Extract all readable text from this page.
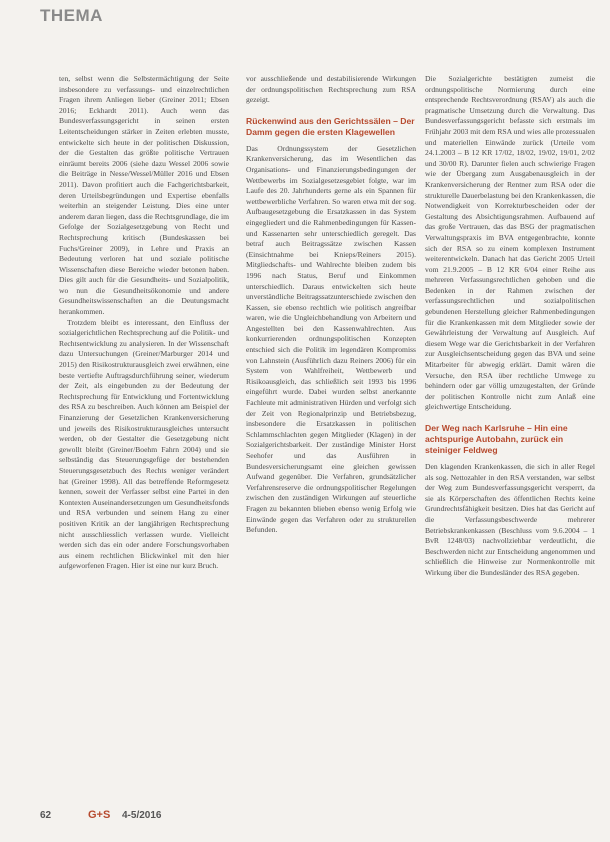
THEMA

ten, selbst wenn die Selbstermächtigung der Seite insbesondere zu verfassungs- und einzelrechtlichen Fragen ihrem Anliegen lieber (Greiner 2011; Ebsen 2016; Eckhardt 2011). Auch wenn das Bundesverfassungsgericht in seinen ersten Leitentscheidungen stärker in Zeiten erlebten musste, entwickelte sich heute in der politischen Diskussion, der die Gestalten das größte politische Vertrauen einräumt bereits 2006 (siehe dazu Wessel 2006 sowie die Beiträge in Nesse/Wessel/Müller 2016 und Ebsen 2011). Davon profitiert auch die Fachgerichtsbarkeit, deren Urteilsbegründungen und Expertise ebenfalls weiterhin an steigender Leistung. Dies eine unter anderem daran liegen, dass die Rechtsgrundlage, die im Gefolge der Sozialgesetzgebung von Recht und Rechtsprechung kritisch (Bundeskassen bei Fuchs/Greiner 2009), in Lehre und Praxis an Bedeutung verloren hat und soziale politische Wissenschaften diese Bereiche wieder betonen haben. Dies gilt auch für die Gesundheits- und Sozialpolitik, wo nun die Gesundheitsökonomie und andere Gesundheitswissenschaften an die Deutungsmacht herankommen.

Trotzdem bleibt es interessant, den Einfluss der sozialgerichtlichen Rechtsprechung auf die Politik- und Rechtsentwicklung zu analysieren. In der Wissenschaft dazu Untersuchungen (Greiner/Marburger 2014 und 2015) den Risikostrukturausgleich zwei erwähnen, eine beste vertiefte Auftragsdurchführung seiner, wiederum der Zeit, als eingebunden zu der Bedeutung der Rechtsprechung für Entwicklung und Fortentwicklung des RSA zu beschreiben. Auch können am Beispiel der Finanzierung der Gesetzlichen Krankenversicherung und jeweils des Risikostrukturausgleiches untersucht werden, ob der Gestalter die Gesetzgebung nicht gewollt bleibt (Greiner/Boehm Fahrn 2004) und sie selbständig das Steuerungsgefüge der bestehenden Steuerungsgesetzbuch des Rechts weniger verändert hat (Greiner 1998). All das betreffende Reformgesetz kennen, soweit der Verfasser selbst eine Partei in den Kontexten Auseinandersetzungen um Gesundheitsfonds und RSA verbunden und seinem Hang zu einer positiven Kritik an der langjährigen Rechtsprechung nicht ausschliesslich verlassen wurde. Vielleicht werden sich das ein oder andere Forschungsvorhaben aus einem rechtlichen Blickwinkel mit den hier aufgeworfenen Fragen. Hier ist eine nur kurz Bruch.

vor ausschließende und destabilisierende Wirkungen der ordnungspolitischen Rechtsprechung zum RSA gezeigt.

Rückenwind aus den Gerichtssälen – Der Damm gegen die ersten Klagewellen

Das Ordnungssystem der Gesetzlichen Krankenversicherung, das im Wesentlichen das Organisations- und Finanzierungsbedingungen der Wettbewerbs im Sozialgesetzesgebiet folgte, war im Laufe des 20. Jahrhunderts gerne als ein Spannen für wettbewerbliche Verfahren. So waren etwa mit der sog. Aufbaugesetzgebung die Ersatzkassen in das System eingegliedert und die Rahmenbedingungen für Kassen- und Kassenarten sehr unterschiedlich geregelt. Das betraf auch Beitragssätze zwischen Kassen (Einsichtnahme bei Knieps/Reiners 2015). Mitgliedschafts- und Wahlrechte bleiben zudem bis 1996 nach Status, Beruf und Einkommen unterschiedlich. Daraus entwickelten sich heute unverständliche Beitragssatzunterschiede zwischen den Kassen, sie ebenso rechtlich wie politisch angreifbar waren, wie die Ungleichbehandlung von Arbeitern und Angestellten bei den Kassenwahlrechten. Aus konkurrierenden ordnungspolitischen Konzepten entschied sich die Politik im legendären Kompromiss von Lahnstein (Ausführlich dazu Reiners 2006) für ein System von Wahlfreiheit, Wettbewerb und Risikoausgleich, das schließlich seit 1993 bis 1996 eingeführt wurde. Dabei wurden selbst anerkannte Fachleute mit administrativen Hürden und verfolgt sich der Zeit von Regionalprinzip und Betriebsbezug, insbesondere die Ersatzkassen in politischen Schlammschlachten gegen Mitglieder (Klagen) in der Sozialgerichtsbarkeit. Der zuständige Minister Horst Seehofer und das Ausführen in Bundesversicherungsamt eine gleichen gewissen Aufwand gegenüber. Die Verfahren, grundsätzlicher Verfahrensreserve die ordnungspolitischer Regelungen zwischen den zuständigen Wirkungen auf steuerliche Fragen zu bekannten blieben ebenso wenig Erfolg wie Einwände gegen das Verfahren oder zu strukturellen Befunden.

Die Sozialgerichte bestätigten zumeist die ordnungspolitische Normierung durch eine entsprechende Rechtsverordnung (RSAV) als auch die pragmatische Umsetzung durch die Verwaltung. Das Bundesverfassungsgericht befasste sich erstmals im Frühjahr 2003 mit dem RSA und wies alle prozessualen und materiellen Einwände zurück (Urteile vom 24.1.2003 – B 12 KR 17/02, 18/02, 19/02, 19/01, 2/02 und 30/00 R). Darunter fielen auch schwierige Fragen wie der Übergang zum Ausgabenausgleich in der Krankenversicherung der Rentner zum RSA oder die strukturelle Dauerbelastung bei den Krankenkassen, die Notwendigkeit von Korrekturbescheiden oder der Gestaltung des Absichtigungsrahmen. Aufbauend auf das große Vertrauen, das das BSG der pragmatischen Verwaltungspraxis im BVA entgegenbrachte, konnte sich der RSA so zu einem komplexen Instrument weiterentwickeln. Danach hat das Gericht 2005 Urteil vom 21.9.2005 – B 12 KR 6/04 einer Reihe aus mehreren Verfassungsrechtlichen gehoben und die Bedenken in der Rahmen zwischen der verfassungsrechtlichen und sozialpolitischen gebundenen Herstellung gleicher Rahmenbedingungen für die Krankenkassen mit dem Mitglieder sowie der Gewährleistung der Verwaltung auf Ausgleich. Auf diesem Wege war die Gerichtsbarkeit in der Verfahren zur Ausgleichsentscheidung gegen das BVA und seine Mitarbeiter für abwegig erklärt. Damit wären die Versuche, den RSA über rechtliche Umwege zu behindern oder gar völlig umzugestalten, der Gründe der politischen Kontrolle nicht zum Anlaß eine gleichwertige Entscheidung.

Der Weg nach Karlsruhe – Hin eine achtspurige Autobahn, zurück ein steiniger Feldweg

Den klagenden Krankenkassen, die sich in aller Regel als sog. Nettozahler in den RSA verstanden, war selbst der Weg zum Bundesverfassungsgericht versperrt, da sie als Körperschaften des öffentlichen Rechts keine Grundrechtsfähigkeit besitzen. Dies hat das Gericht auf die Verfassungsbeschwerde mehrerer Betriebskrankenkassen (Beschluss vom 9.6.2004 – 1 BvR 1248/03) nachvollziehbar verdeutlicht, die Beschwerden nicht zur Entscheidung angenommen und schließlich die Hinweise zur Normenkontrolle mit Wirkung über die Bundesländer des RSA gegeben.

62	G+S 4-5/2016
